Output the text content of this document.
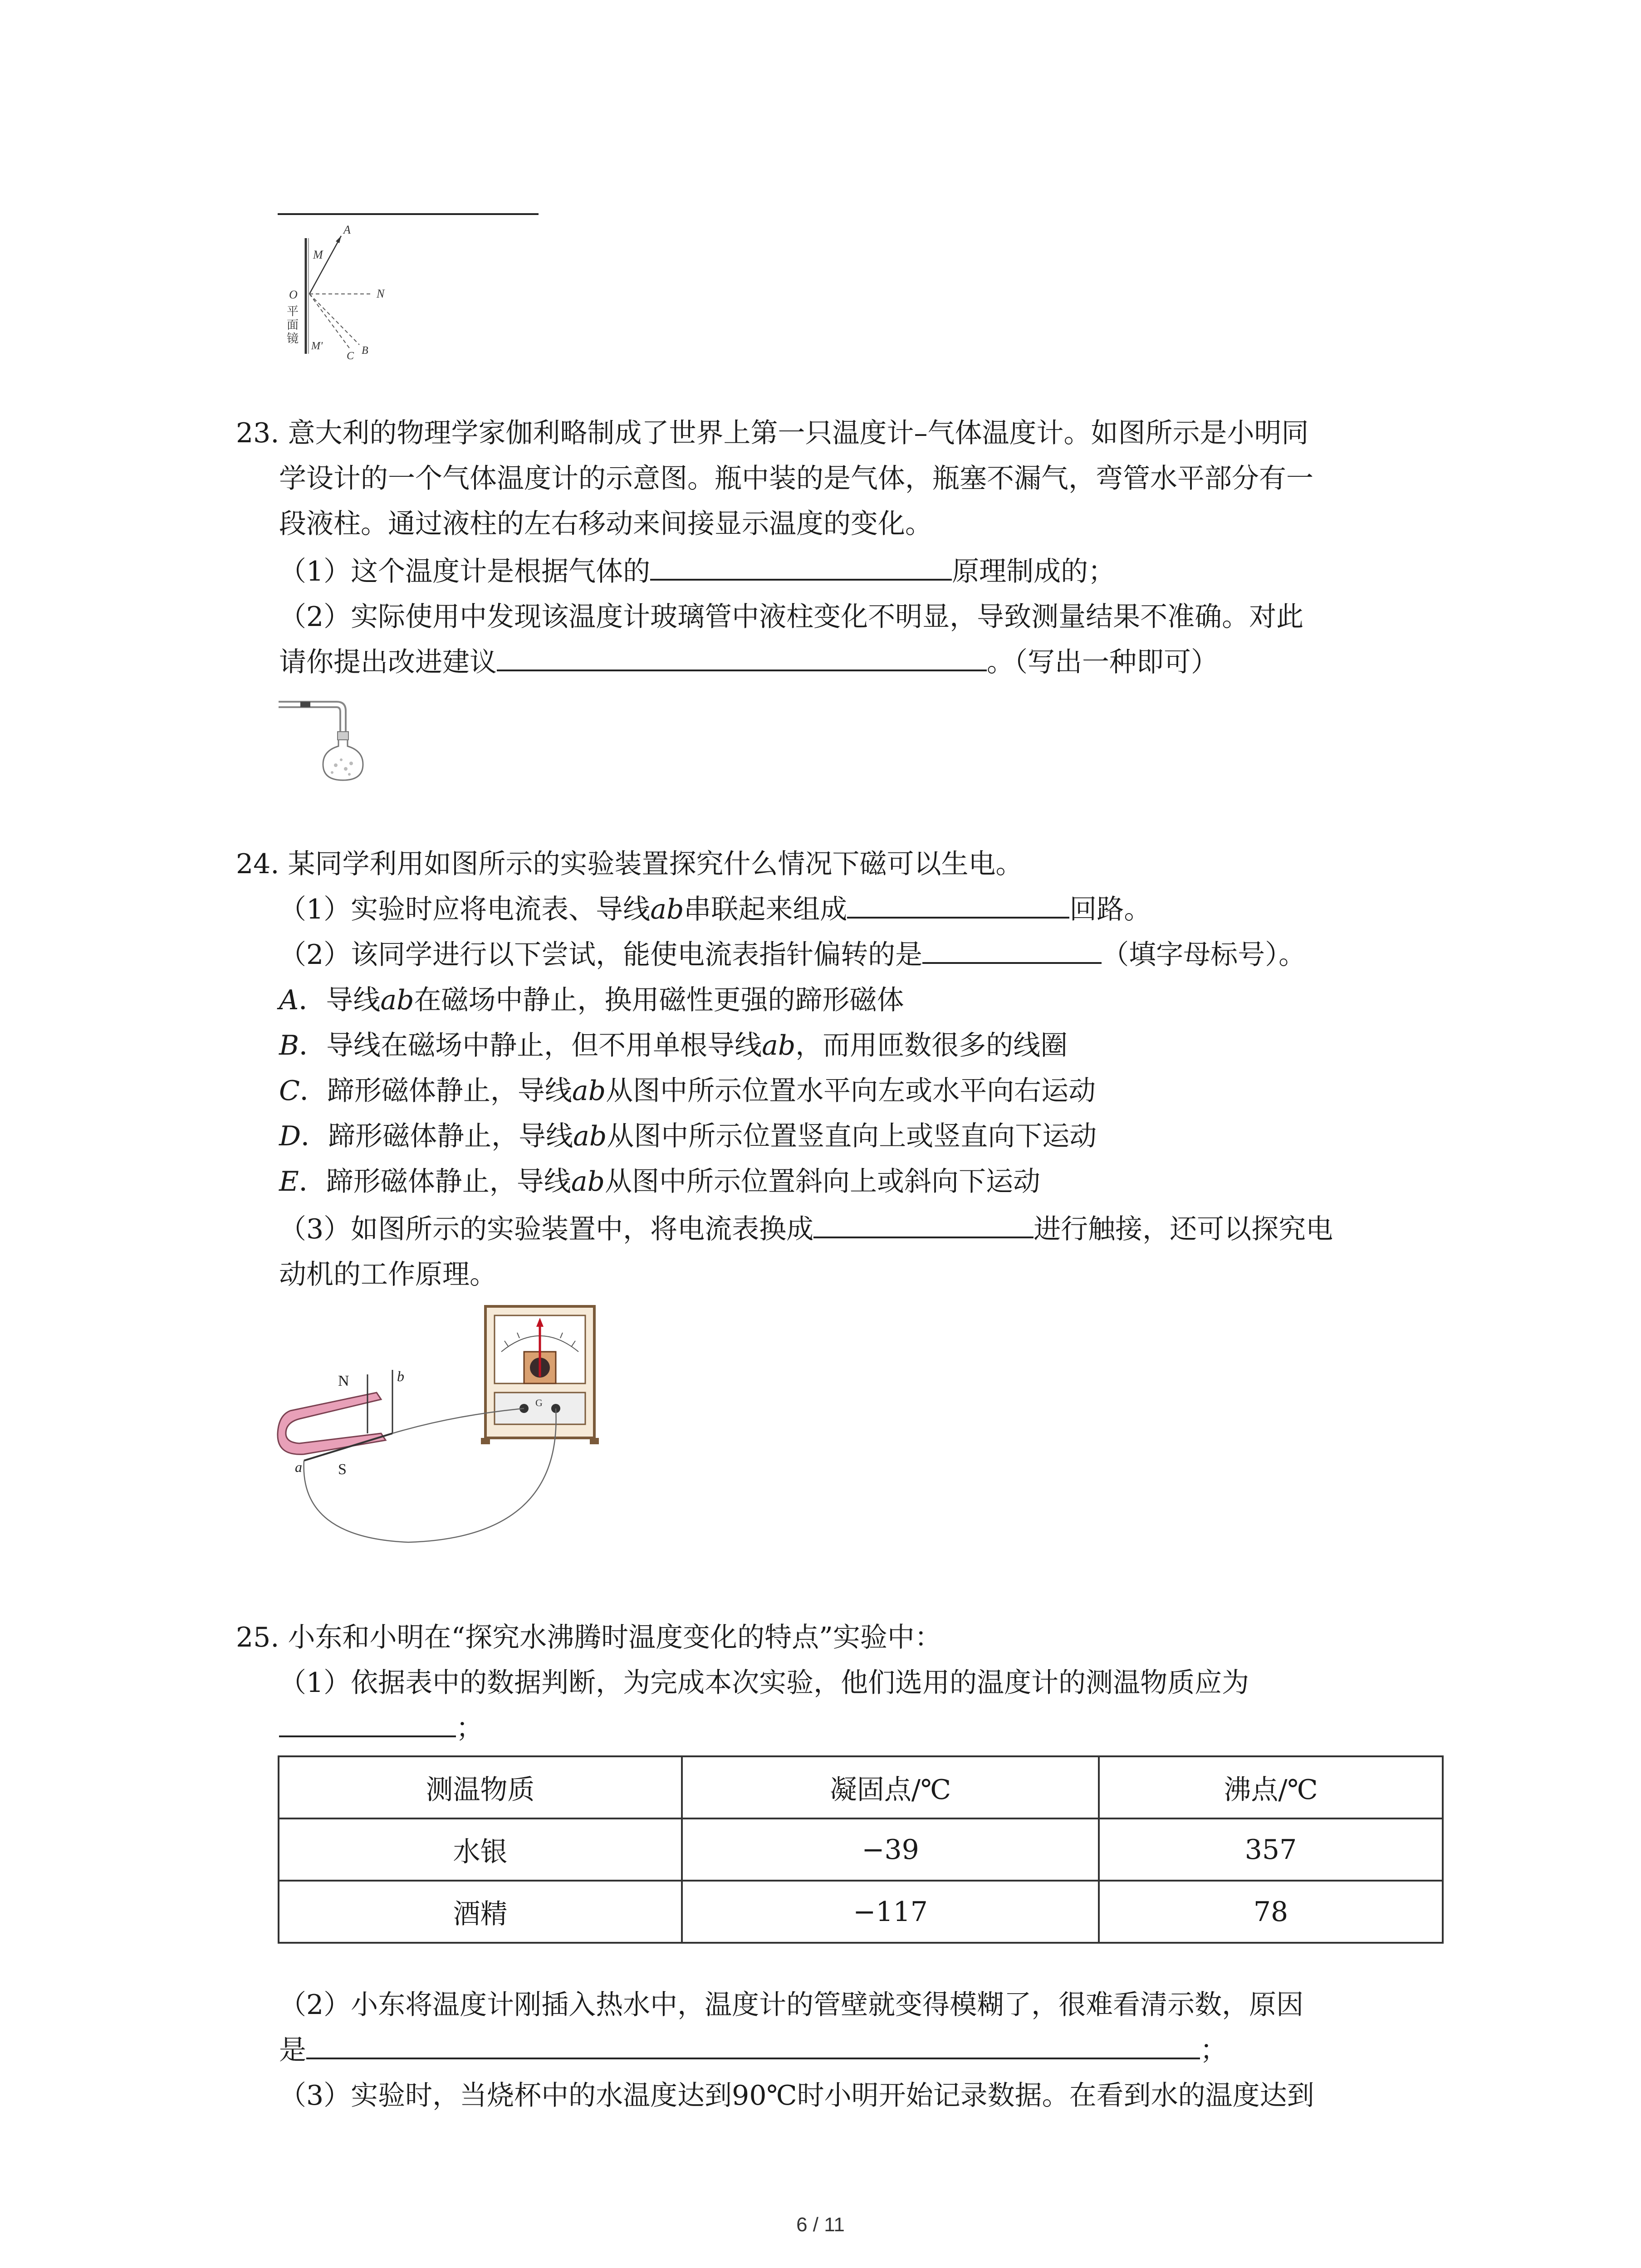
A
M
O	N
M'
C B
平
面
镜
23. 意大利的物理学家伽利略制成了世界上第一只温度计–气体温度计。如图所示是小明同
学设计的一个气体温度计的示意图。瓶中装的是气体，瓶塞不漏气，弯管水平部分有一
段液柱。通过液柱的左右移动来间接显示温度的变化。
（1）这个温度计是根据气体的	原理制成的；
（2）实际使用中发现该温度计玻璃管中液柱变化不明显，导致测量结果不准确。对此
请你提出改进建议	。（写出一种即可）
24. 某同学利用如图所示的实验装置探究什么情况下磁可以生电。
（1）实验时应将电流表、导线ab串联起来组成	回路。
（2）该同学进行以下尝试，能使电流表指针偏转的是	（填字母标号）。
A．导线ab在磁场中静止，换用磁性更强的蹄形磁体
B．导线在磁场中静止，但不用单根导线ab，而用匝数很多的线圈
C．蹄形磁体静止，导线ab从图中所示位置水平向左或水平向右运动
D．蹄形磁体静止，导线ab从图中所示位置竖直向上或竖直向下运动
E．蹄形磁体静止，导线ab从图中所示位置斜向上或斜向下运动
（3）如图所示的实验装置中，将电流表换成	进行触接，还可以探究电
动机的工作原理。
G
N
S
a
b
25. 小东和小明在“探究水沸腾时温度变化的特点”实验中：
（1）依据表中的数据判断，为完成本次实验，他们选用的温度计的测温物质应为
；
测温物质	凝固点/℃	沸点/℃
水银	−39	357
酒精	−117	78
（2）小东将温度计刚插入热水中，温度计的管壁就变得模糊了，很难看清示数，原因
是	；
（3）实验时，当烧杯中的水温度达到90℃时小明开始记录数据。在看到水的温度达到
6 / 11
